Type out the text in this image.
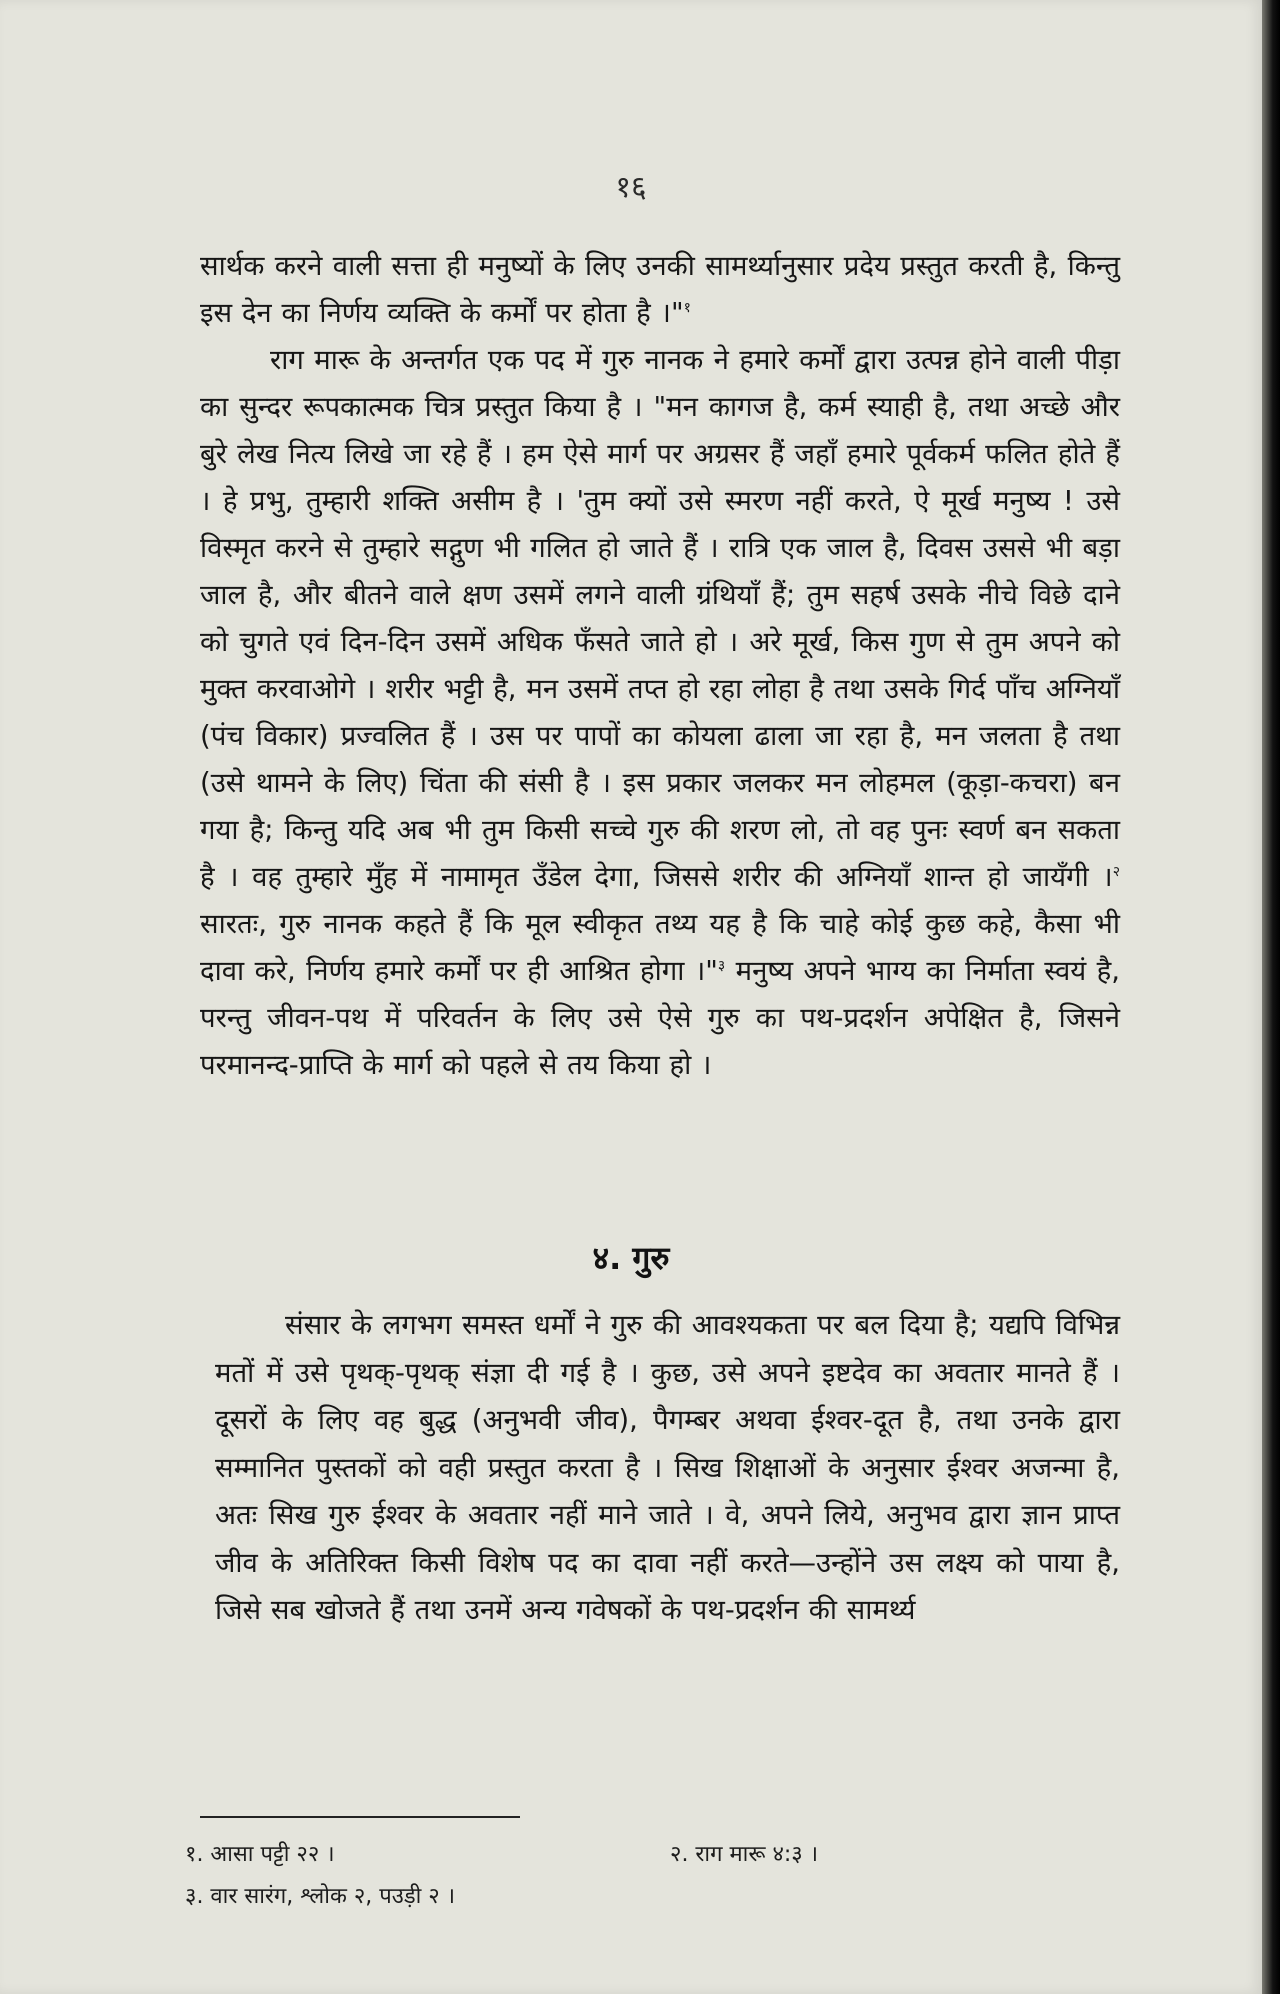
१६

सार्थक करने वाली सत्ता ही मनुष्यों के लिए उनकी सामर्थ्यानुसार प्रदेय प्रस्तुत करती है, किन्तु इस देन का निर्णय व्यक्ति के कर्मों पर होता है ।"$^१$

राग मारू के अन्तर्गत एक पद में गुरु नानक ने हमारे कर्मों द्वारा उत्पन्न होने वाली पीड़ा का सुन्दर रूपकात्मक चित्र प्रस्तुत किया है । "मन कागज है, कर्म स्याही है, तथा अच्छे और बुरे लेख नित्य लिखे जा रहे हैं । हम ऐसे मार्ग पर अग्रसर हैं जहाँ हमारे पूर्वकर्म फलित होते हैं । हे प्रभु, तुम्हारी शक्ति असीम है । 'तुम क्यों उसे स्मरण नहीं करते, ऐ मूर्ख मनुष्य ! उसे विस्मृत करने से तुम्हारे सद्गुण भी गलित हो जाते हैं । रात्रि एक जाल है, दिवस उससे भी बड़ा जाल है, और बीतने वाले क्षण उसमें लगने वाली ग्रंथियाँ हैं; तुम सहर्ष उसके नीचे विछे दाने को चुगते एवं दिन-दिन उसमें अधिक फँसते जाते हो । अरे मूर्ख, किस गुण से तुम अपने को मुक्त करवाओगे । शरीर भट्टी है, मन उसमें तप्त हो रहा लोहा है तथा उसके गिर्द पाँच अग्नियाँ (पंच विकार) प्रज्वलित हैं । उस पर पापों का कोयला ढाला जा रहा है, मन जलता है तथा (उसे थामने के लिए) चिंता की संसी है । इस प्रकार जलकर मन लोहमल (कूड़ा-कचरा) बन गया है; किन्तु यदि अब भी तुम किसी सच्चे गुरु की शरण लो, तो वह पुनः स्वर्ण बन सकता है । वह तुम्हारे मुँह में नामामृत उँडेल देगा, जिससे शरीर की अग्नियाँ शान्त हो जायँगी ।$^२$ सारतः, गुरु नानक कहते हैं कि मूल स्वीकृत तथ्य यह है कि चाहे कोई कुछ कहे, कैसा भी दावा करे, निर्णय हमारे कर्मों पर ही आश्रित होगा ।"$^३$ मनुष्य अपने भाग्य का निर्माता स्वयं है, परन्तु जीवन-पथ में परिवर्तन के लिए उसे ऐसे गुरु का पथ-प्रदर्शन अपेक्षित है, जिसने परमानन्द-प्राप्ति के मार्ग को पहले से तय किया हो ।

४. गुरु

संसार के लगभग समस्त धर्मों ने गुरु की आवश्यकता पर बल दिया है; यद्यपि विभिन्न मतों में उसे पृथक्-पृथक् संज्ञा दी गई है । कुछ, उसे अपने इष्टदेव का अवतार मानते हैं । दूसरों के लिए वह बुद्ध (अनुभवी जीव), पैगम्बर अथवा ईश्वर-दूत है, तथा उनके द्वारा सम्मानित पुस्तकों को वही प्रस्तुत करता है । सिख शिक्षाओं के अनुसार ईश्वर अजन्मा है, अतः सिख गुरु ईश्वर के अवतार नहीं माने जाते । वे, अपने लिये, अनुभव द्वारा ज्ञान प्राप्त जीव के अतिरिक्त किसी विशेष पद का दावा नहीं करते—उन्होंने उस लक्ष्य को पाया है, जिसे सब खोजते हैं तथा उनमें अन्य गवेषकों के पथ-प्रदर्शन की सामर्थ्य

१. आसा पट्टी २२ ।	२. राग मारू ४:३ ।
३. वार सारंग, श्लोक २, पउड़ी २ ।
